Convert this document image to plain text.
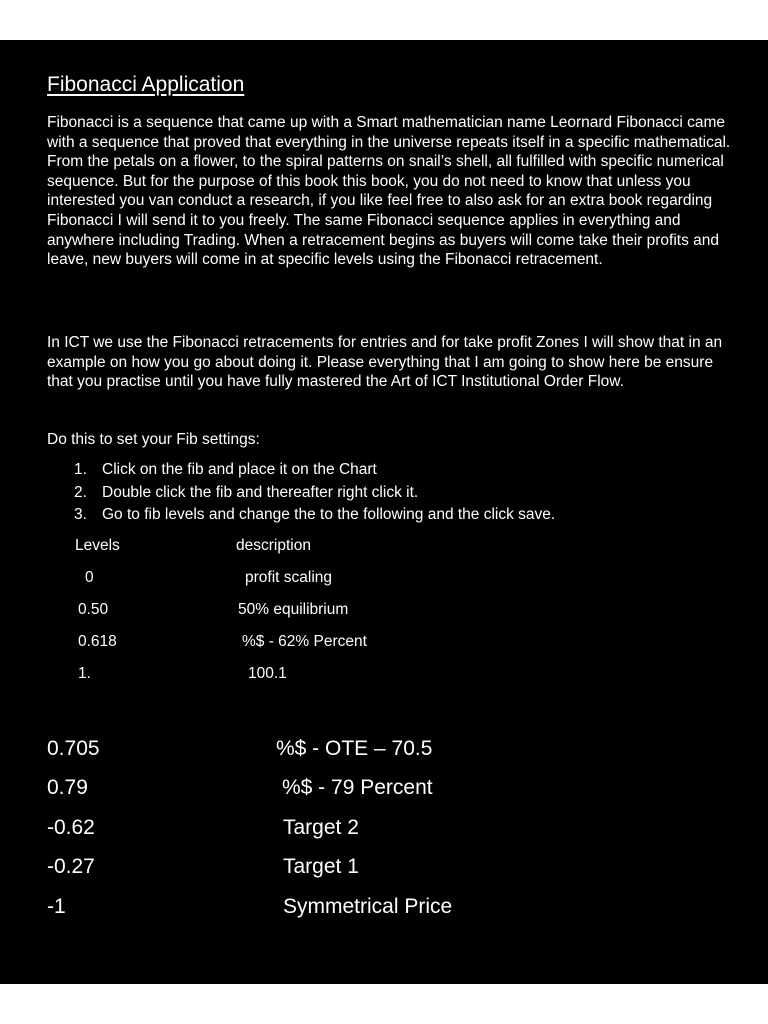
Fibonacci Application

Fibonacci is a sequence that came up with a Smart mathematician name Leornard Fibonacci came with a sequence that proved that everything in the universe repeats itself in a specific mathematical. From the petals on a flower, to the spiral patterns on snail’s shell, all fulfilled with specific numerical sequence. But for the purpose of this book this book, you do not need to know that unless you interested you van conduct a research, if you like feel free to also ask for an extra book regarding Fibonacci I will send it to you freely. The same Fibonacci sequence applies in everything and anywhere including Trading. When a retracement begins as buyers will come take their profits and leave, new buyers will come in at specific levels using the Fibonacci retracement.

In ICT we use the Fibonacci retracements for entries and for take profit Zones I will show that in an example on how you go about doing it. Please everything that I am going to show here be ensure that you practise until you have fully mastered the Art of ICT Institutional Order Flow.

Do this to set your Fib settings:

1. Click on the fib and place it on the Chart
2. Double click the fib and thereafter right click it.
3. Go to fib levels and change the to the following and the click save.
Levels	description
0	profit scaling
0.50	50% equilibrium
0.618	%$ - 62% Percent
1.	100.1
0.705	%$ - OTE – 70.5
0.79	%$ - 79 Percent
-0.62	Target 2
-0.27	Target 1
-1	Symmetrical Price
